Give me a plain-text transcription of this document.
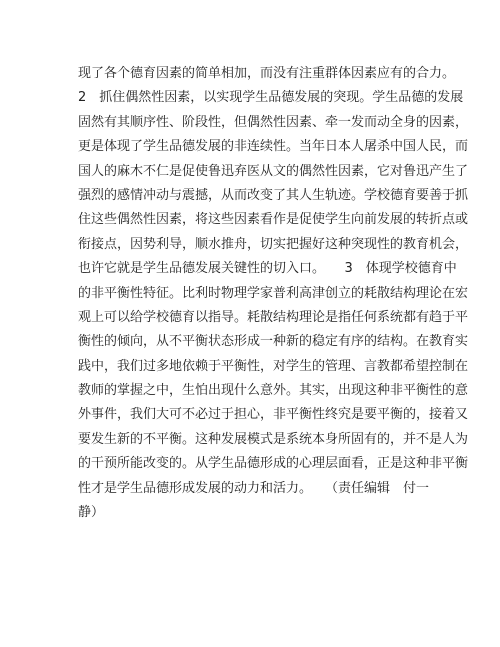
现了各个德育因素的简单相加，而没有注重群体因素应有的合力。
2　抓住偶然性因素，以实现学生品德发展的突现。学生品德的发展
固然有其顺序性、阶段性，但偶然性因素、牵一发而动全身的因素，
更是体现了学生品德发展的非连续性。当年日本人屠杀中国人民，而
国人的麻木不仁是促使鲁迅弃医从文的偶然性因素，它对鲁迅产生了
强烈的感情冲动与震撼，从而改变了其人生轨迹。学校德育要善于抓
住这些偶然性因素，将这些因素看作是促使学生向前发展的转折点或
衔接点，因势利导，顺水推舟，切实把握好这种突现性的教育机会，
也许它就是学生品德发展关键性的切入口。　　3　体现学校德育中
的非平衡性特征。比利时物理学家普利高津创立的耗散结构理论在宏
观上可以给学校德育以指导。耗散结构理论是指任何系统都有趋于平
衡性的倾向，从不平衡状态形成一种新的稳定有序的结构。在教育实
践中，我们过多地依赖于平衡性，对学生的管理、言教都希望控制在
教师的掌握之中，生怕出现什么意外。其实，出现这种非平衡性的意
外事件，我们大可不必过于担心，非平衡性终究是要平衡的，接着又
要发生新的不平衡。这种发展模式是系统本身所固有的，并不是人为
的干预所能改变的。从学生品德形成的心理层面看，正是这种非平衡
性才是学生品德形成发展的动力和活力。　　（责任编辑　付一
静）
